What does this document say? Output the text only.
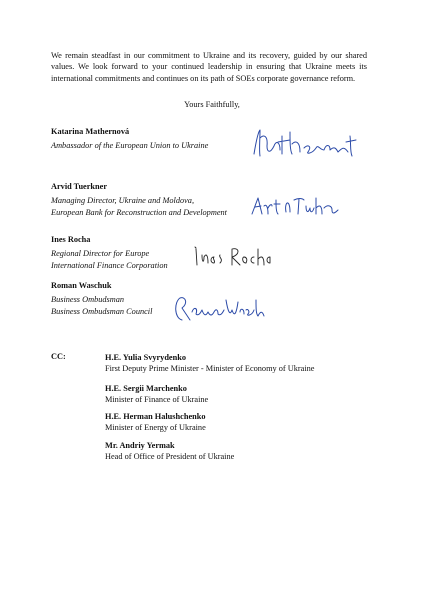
We remain steadfast in our commitment to Ukraine and its recovery, guided by our shared values. We look forward to your continued leadership in ensuring that Ukraine meets its international commitments and continues on its path of SOEs corporate governance reform.

Yours Faithfully,

Katarina Mathernová

Ambassador of the European Union to Ukraine

Arvid Tuerkner

Managing Director, Ukraine and Moldova,

European Bank for Reconstruction and Development

Ines Rocha

Regional Director for Europe

International Finance Corporation

Roman Waschuk

Business Ombudsman

Business Ombudsman Council

CC:	H.E. Yulia Svyrydenko

First Deputy Prime Minister - Minister of Economy of Ukraine

H.E. Sergii Marchenko

Minister of Finance of Ukraine

H.E. Herman Halushchenko

Minister of Energy of Ukraine

Mr. Andriy Yermak

Head of Office of President of Ukraine
